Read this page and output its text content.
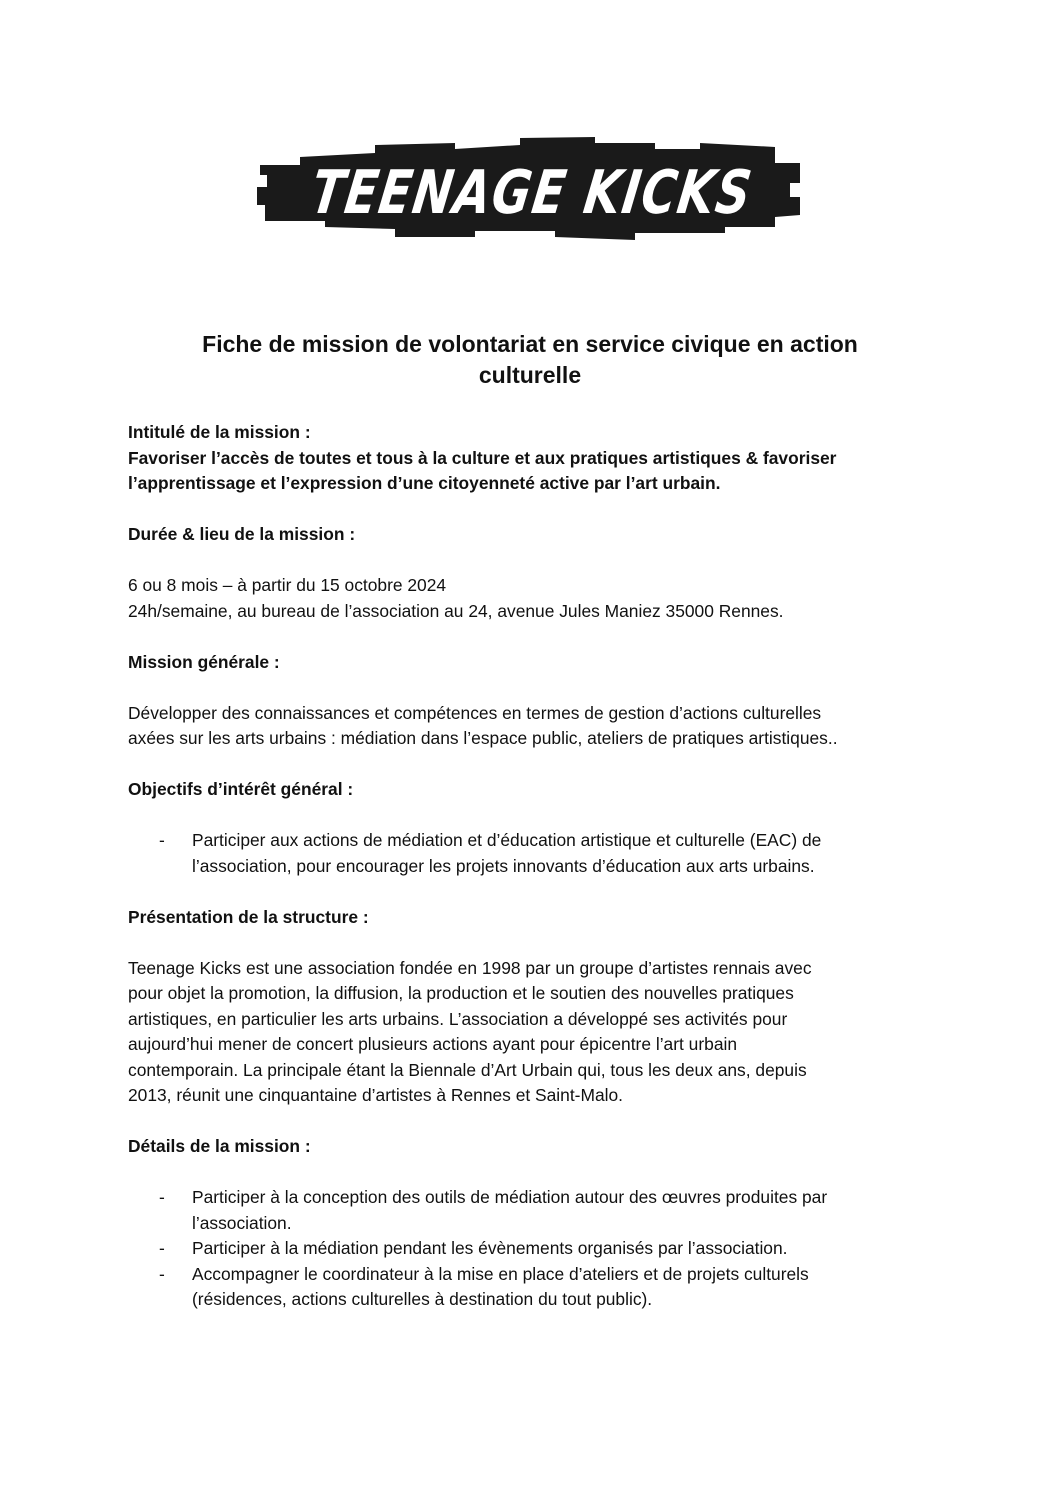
TEENAGE KICKS
Fiche de mission de volontariat en service civique en action
culturelle

Intitulé de la mission :

Favoriser l’accès de toutes et tous à la culture et aux pratiques artistiques & favoriser

l’apprentissage et l’expression d’une citoyenneté active par l’art urbain.

Durée & lieu de la mission :

6 ou 8 mois – à partir du 15 octobre 2024

24h/semaine, au bureau de l’association au 24, avenue Jules Maniez 35000 Rennes.

Mission générale :

Développer des connaissances et compétences en termes de gestion d’actions culturelles

axées sur les arts urbains : médiation dans l’espace public, ateliers de pratiques artistiques..

Objectifs d’intérêt général :

- Participer aux actions de médiation et d’éducation artistique et culturelle (EAC) de

l’association, pour encourager les projets innovants d’éducation aux arts urbains.

Présentation de la structure :

Teenage Kicks est une association fondée en 1998 par un groupe d’artistes rennais avec

pour objet la promotion, la diffusion, la production et le soutien des nouvelles pratiques

artistiques, en particulier les arts urbains. L’association a développé ses activités pour

aujourd’hui mener de concert plusieurs actions ayant pour épicentre l’art urbain

contemporain. La principale étant la Biennale d’Art Urbain qui, tous les deux ans, depuis

2013, réunit une cinquantaine d’artistes à Rennes et Saint-Malo.

Détails de la mission :

- Participer à la conception des outils de médiation autour des œuvres produites par

l’association.

- Participer à la médiation pendant les évènements organisés par l’association.

- Accompagner le coordinateur à la mise en place d’ateliers et de projets culturels

(résidences, actions culturelles à destination du tout public).
